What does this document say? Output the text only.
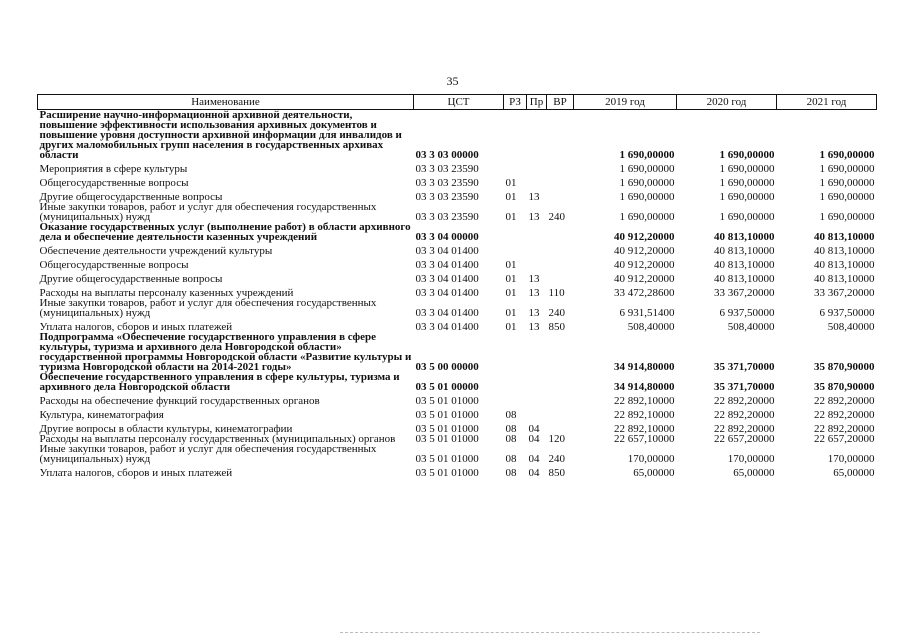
35
Наименование	ЦСТ	РЗ	Пр	ВР	2019 год	2020 год	2021 год
Расширение научно-информационной архивной деятельности, повышение эффективности использования архивных документов и повышение уровня доступности архивной информации для инвалидов и других маломобильных групп населения в государственных архивах области	03 3 03 00000				1 690,00000	1 690,00000	1 690,00000
Мероприятия в сфере культуры	03 3 03 23590				1 690,00000	1 690,00000	1 690,00000
Общегосударственные вопросы	03 3 03 23590	01			1 690,00000	1 690,00000	1 690,00000
Другие общегосударственные вопросы	03 3 03 23590	01	13		1 690,00000	1 690,00000	1 690,00000
Иные закупки товаров, работ и услуг для обеспечения государственных (муниципальных) нужд	03 3 03 23590	01	13	240	1 690,00000	1 690,00000	1 690,00000
Оказание государственных услуг (выполнение работ) в области архивного дела и обеспечение деятельности казенных учреждений	03 3 04 00000				40 912,20000	40 813,10000	40 813,10000
Обеспечение деятельности учреждений культуры	03 3 04 01400				40 912,20000	40 813,10000	40 813,10000
Общегосударственные вопросы	03 3 04 01400	01			40 912,20000	40 813,10000	40 813,10000
Другие общегосударственные вопросы	03 3 04 01400	01	13		40 912,20000	40 813,10000	40 813,10000
Расходы на выплаты персоналу казенных учреждений	03 3 04 01400	01	13	110	33 472,28600	33 367,20000	33 367,20000
Иные закупки товаров, работ и услуг для обеспечения государственных (муниципальных) нужд	03 3 04 01400	01	13	240	6 931,51400	6 937,50000	6 937,50000
Уплата налогов, сборов и иных платежей	03 3 04 01400	01	13	850	508,40000	508,40000	508,40000
Подпрограмма «Обеспечение государственного управления в сфере культуры, туризма и архивного дела Новгородской области» государственной программы Новгородской области «Развитие культуры и туризма Новгородской области на 2014-2021 годы»	03 5 00 00000				34 914,80000	35 371,70000	35 870,90000
Обеспечение государственного управления в сфере культуры, туризма и архивного дела Новгородской области	03 5 01 00000				34 914,80000	35 371,70000	35 870,90000
Расходы на обеспечение функций государственных органов	03 5 01 01000				22 892,10000	22 892,20000	22 892,20000
Культура, кинематография	03 5 01 01000	08			22 892,10000	22 892,20000	22 892,20000
Другие вопросы в области культуры, кинематографии	03 5 01 01000	08	04		22 892,10000	22 892,20000	22 892,20000
Расходы на выплаты персоналу государственных (муниципальных) органов	03 5 01 01000	08	04	120	22 657,10000	22 657,20000	22 657,20000
Иные закупки товаров, работ и услуг для обеспечения государственных (муниципальных) нужд	03 5 01 01000	08	04	240	170,00000	170,00000	170,00000
Уплата налогов, сборов и иных платежей	03 5 01 01000	08	04	850	65,00000	65,00000	65,00000
